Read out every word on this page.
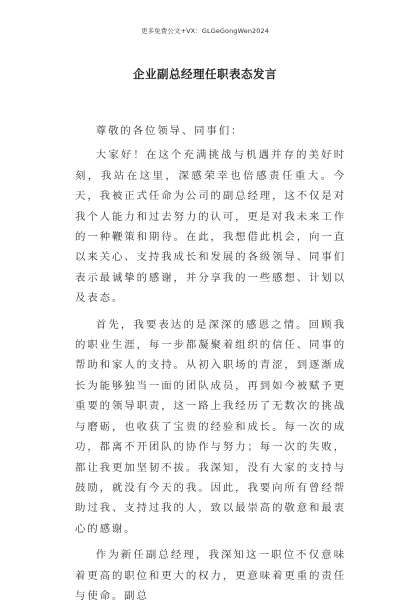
更多免费公文+VX：GLGeGongWen2024
企业副总经理任职表态发言

尊敬的各位领导、同事们：

大家好！在这个充满挑战与机遇并存的美好时刻，我站在这里，深感荣幸也倍感责任重大。今天，我被正式任命为公司的副总经理，这不仅是对我个人能力和过去努力的认可，更是对我未来工作的一种鞭策和期待。在此，我想借此机会，向一直以来关心、支持我成长和发展的各级领导、同事们表示最诚挚的感谢，并分享我的一些感想、计划以及表态。

首先，我要表达的是深深的感恩之情。回顾我的职业生涯，每一步都凝聚着组织的信任、同事的帮助和家人的支持。从初入职场的青涩，到逐渐成长为能够独当一面的团队成员，再到如今被赋予更重要的领导职责，这一路上我经历了无数次的挑战与磨砺，也收获了宝贵的经验和成长。每一次的成功，都离不开团队的协作与努力；每一次的失败，都让我更加坚韧不拔。我深知，没有大家的支持与鼓励，就没有今天的我。因此，我要向所有曾经帮助过我、支持过我的人，致以最崇高的敬意和最衷心的感谢。

作为新任副总经理，我深知这一职位不仅意味着更高的职位和更大的权力，更意味着更重的责任与使命。副总
